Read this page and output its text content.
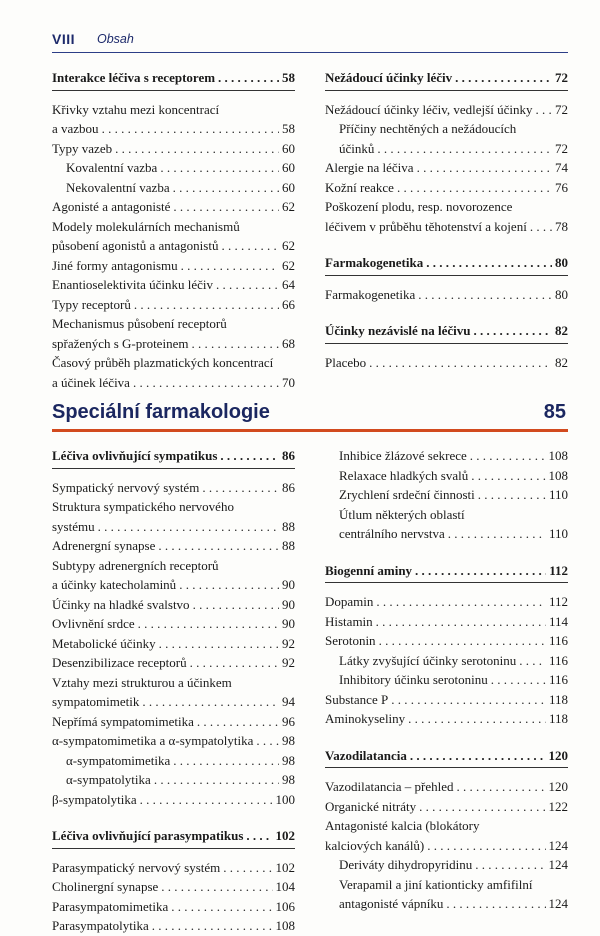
VIII Obsah
Interakce léčiva s receptorem . . .	58
Křivky vztahu mezi koncentrací
a vazbou . . .	58
Typy vazeb . . .	60
Kovalentní vazba . . .	60
Nekovalentní vazba . . .	60
Agonisté a antagonisté . . .	62
Modely molekulárních mechanismů
působení agonistů a antagonistů . . .	62
Jiné formy antagonismu . . .	62
Enantioselektivita účinku léčiv . . .	64
Typy receptorů . . .	66
Mechanismus působení receptorů
spřažených s G-proteinem . . .	68
Časový průběh plazmatických koncentrací
a účinek léčiva . . .	70
Nežádoucí účinky léčiv . . .	72
Nežádoucí účinky léčiv, vedlejší účinky . . . 72
Příčiny nechtěných a nežádoucích
účinků . . .	72
Alergie na léčiva . . .	74
Kožní reakce . . .	76
Poškození plodu, resp. novorozence
léčivem v průběhu těhotenství a kojení . . . 78
Farmakogenetika . . .	80
Farmakogenetika . . .	80
Účinky nezávislé na léčivu . . .	82
Placebo . . .	82
Speciální farmakologie	85
Léčiva ovlivňující sympatikus . . .	86
Sympatický nervový systém . . .	86
Struktura sympatického nervového
systému . . .	88
Adrenergní synapse . . .	88
Subtypy adrenergních receptorů
a účinky katecholaminů . . .	90
Účinky na hladké svalstvo . . .	90
Ovlivnění srdce . . .	90
Metabolické účinky . . .	92
Desenzibilizace receptorů . . .	92
Vztahy mezi strukturou a účinkem
sympatomimetik . . .	94
Nepřímá sympatomimetika . . .	96
α-sympatomimetika a α-sympatolytika . . . 98
α-sympatomimetika . . .	98
α-sympatolytika . . .	98
β-sympatolytika . . .	100
Léčiva ovlivňující parasympatikus . . . 102
Parasympatický nervový systém . . .	102
Cholinergní synapse . . .	104
Parasympatomimetika . . .	106
Parasympatolytika . . .	108
Inhibice žlázové sekrece . . .	108
Relaxace hladkých svalů . . .	108
Zrychlení srdeční činnosti . . .	110
Útlum některých oblastí
centrálního nervstva . . .	110
Biogenní aminy . . .	112
Dopamin . . .	112
Histamin . . .	114
Serotonin . . .	116
Látky zvyšující účinky serotoninu . . .	116
Inhibitory účinku serotoninu . . .	116
Substance P . . .	118
Aminokyseliny . . .	118
Vazodilatancia . . .	120
Vazodilatancia – přehled . . .	120
Organické nitráty . . .	122
Antagonisté kalcia (blokátory
kalciových kanálů) . . .	124
Deriváty dihydropyridinu . . .	124
Verapamil a jiní kationticky amfifilní
antagonisté vápníku . . .	124
